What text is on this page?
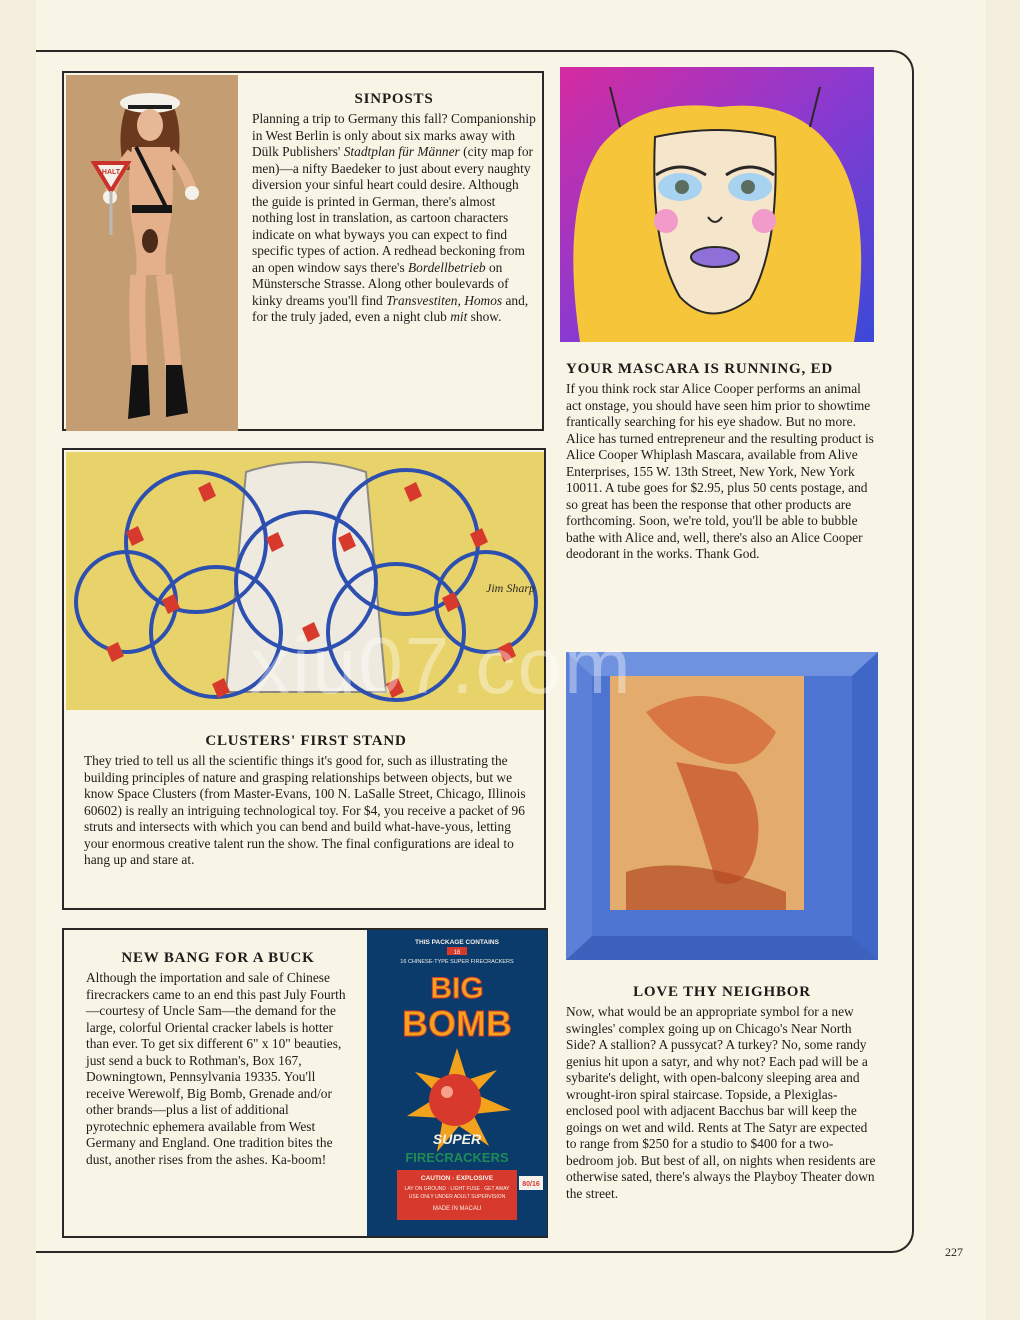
HALT

SINPOSTS

Planning a trip to Germany this fall? Companionship in West Berlin is only about six marks away with Dülk Publishers' Stadtplan für Männer (city map for men)—a nifty Baedeker to just about every naughty diversion your sinful heart could desire. Although the guide is printed in German, there's almost nothing lost in translation, as cartoon characters indicate on what byways you can expect to find specific types of action. A redhead beckoning from an open window says there's Bordellbetrieb on Münstersche Strasse. Along other boulevards of kinky dreams you'll find Transvestiten, Homos and, for the truly jaded, even a night club mit show.

YOUR MASCARA IS RUNNING, ED

If you think rock star Alice Cooper performs an animal act onstage, you should have seen him prior to showtime frantically searching for his eye shadow. But no more. Alice has turned entrepreneur and the resulting product is Alice Cooper Whiplash Mascara, available from Alive Enterprises, 155 W. 13th Street, New York, New York 10011. A tube goes for $2.95, plus 50 cents postage, and so great has been the response that other products are forthcoming. Soon, we're told, you'll be able to bubble bathe with Alice and, well, there's also an Alice Cooper deodorant in the works. Thank God.

Jim Sharp

CLUSTERS' FIRST STAND

They tried to tell us all the scientific things it's good for, such as illustrating the building principles of nature and grasping relationships between objects, but we know Space Clusters (from Master-Evans, 100 N. LaSalle Street, Chicago, Illinois 60602) is really an intriguing technological toy. For $4, you receive a packet of 96 struts and intersects with which you can bend and build what-have-yous, letting your enormous creative talent run the show. The final configurations are ideal to hang up and stare at.

LOVE THY NEIGHBOR

Now, what would be an appropriate symbol for a new swingles' complex going up on Chicago's Near North Side? A stallion? A pussycat? A turkey? No, some randy genius hit upon a satyr, and why not? Each pad will be a sybarite's delight, with open-balcony sleeping area and wrought-iron spiral staircase. Topside, a Plexiglas-enclosed pool with adjacent Bacchus bar will keep the goings on wet and wild. Rents at The Satyr are expected to range from $250 for a studio to $400 for a two-bedroom job. But best of all, on nights when residents are otherwise sated, there's always the Playboy Theater down the street.

NEW BANG FOR A BUCK

Although the importation and sale of Chinese firecrackers came to an end this past July Fourth—courtesy of Uncle Sam—the demand for the large, colorful Oriental cracker labels is hotter than ever. To get six different 6" x 10" beauties, just send a buck to Rothman's, Box 167, Downingtown, Pennsylvania 19335. You'll receive Werewolf, Big Bomb, Grenade and/or other brands—plus a list of additional pyrotechnic ephemera available from West Germany and England. One tradition bites the dust, another rises from the ashes. Ka-boom!

THIS PACKAGE CONTAINS
16
16 CHINESE-TYPE SUPER FIRECRACKERS
BIG
BOMB
SUPER
FIRECRACKERS
CAUTION · EXPLOSIVE
LAY ON GROUND · LIGHT FUSE · GET AWAY
USE ONLY UNDER ADULT SUPERVISION
MADE IN MACAU
80/16
227
xiu07.com
